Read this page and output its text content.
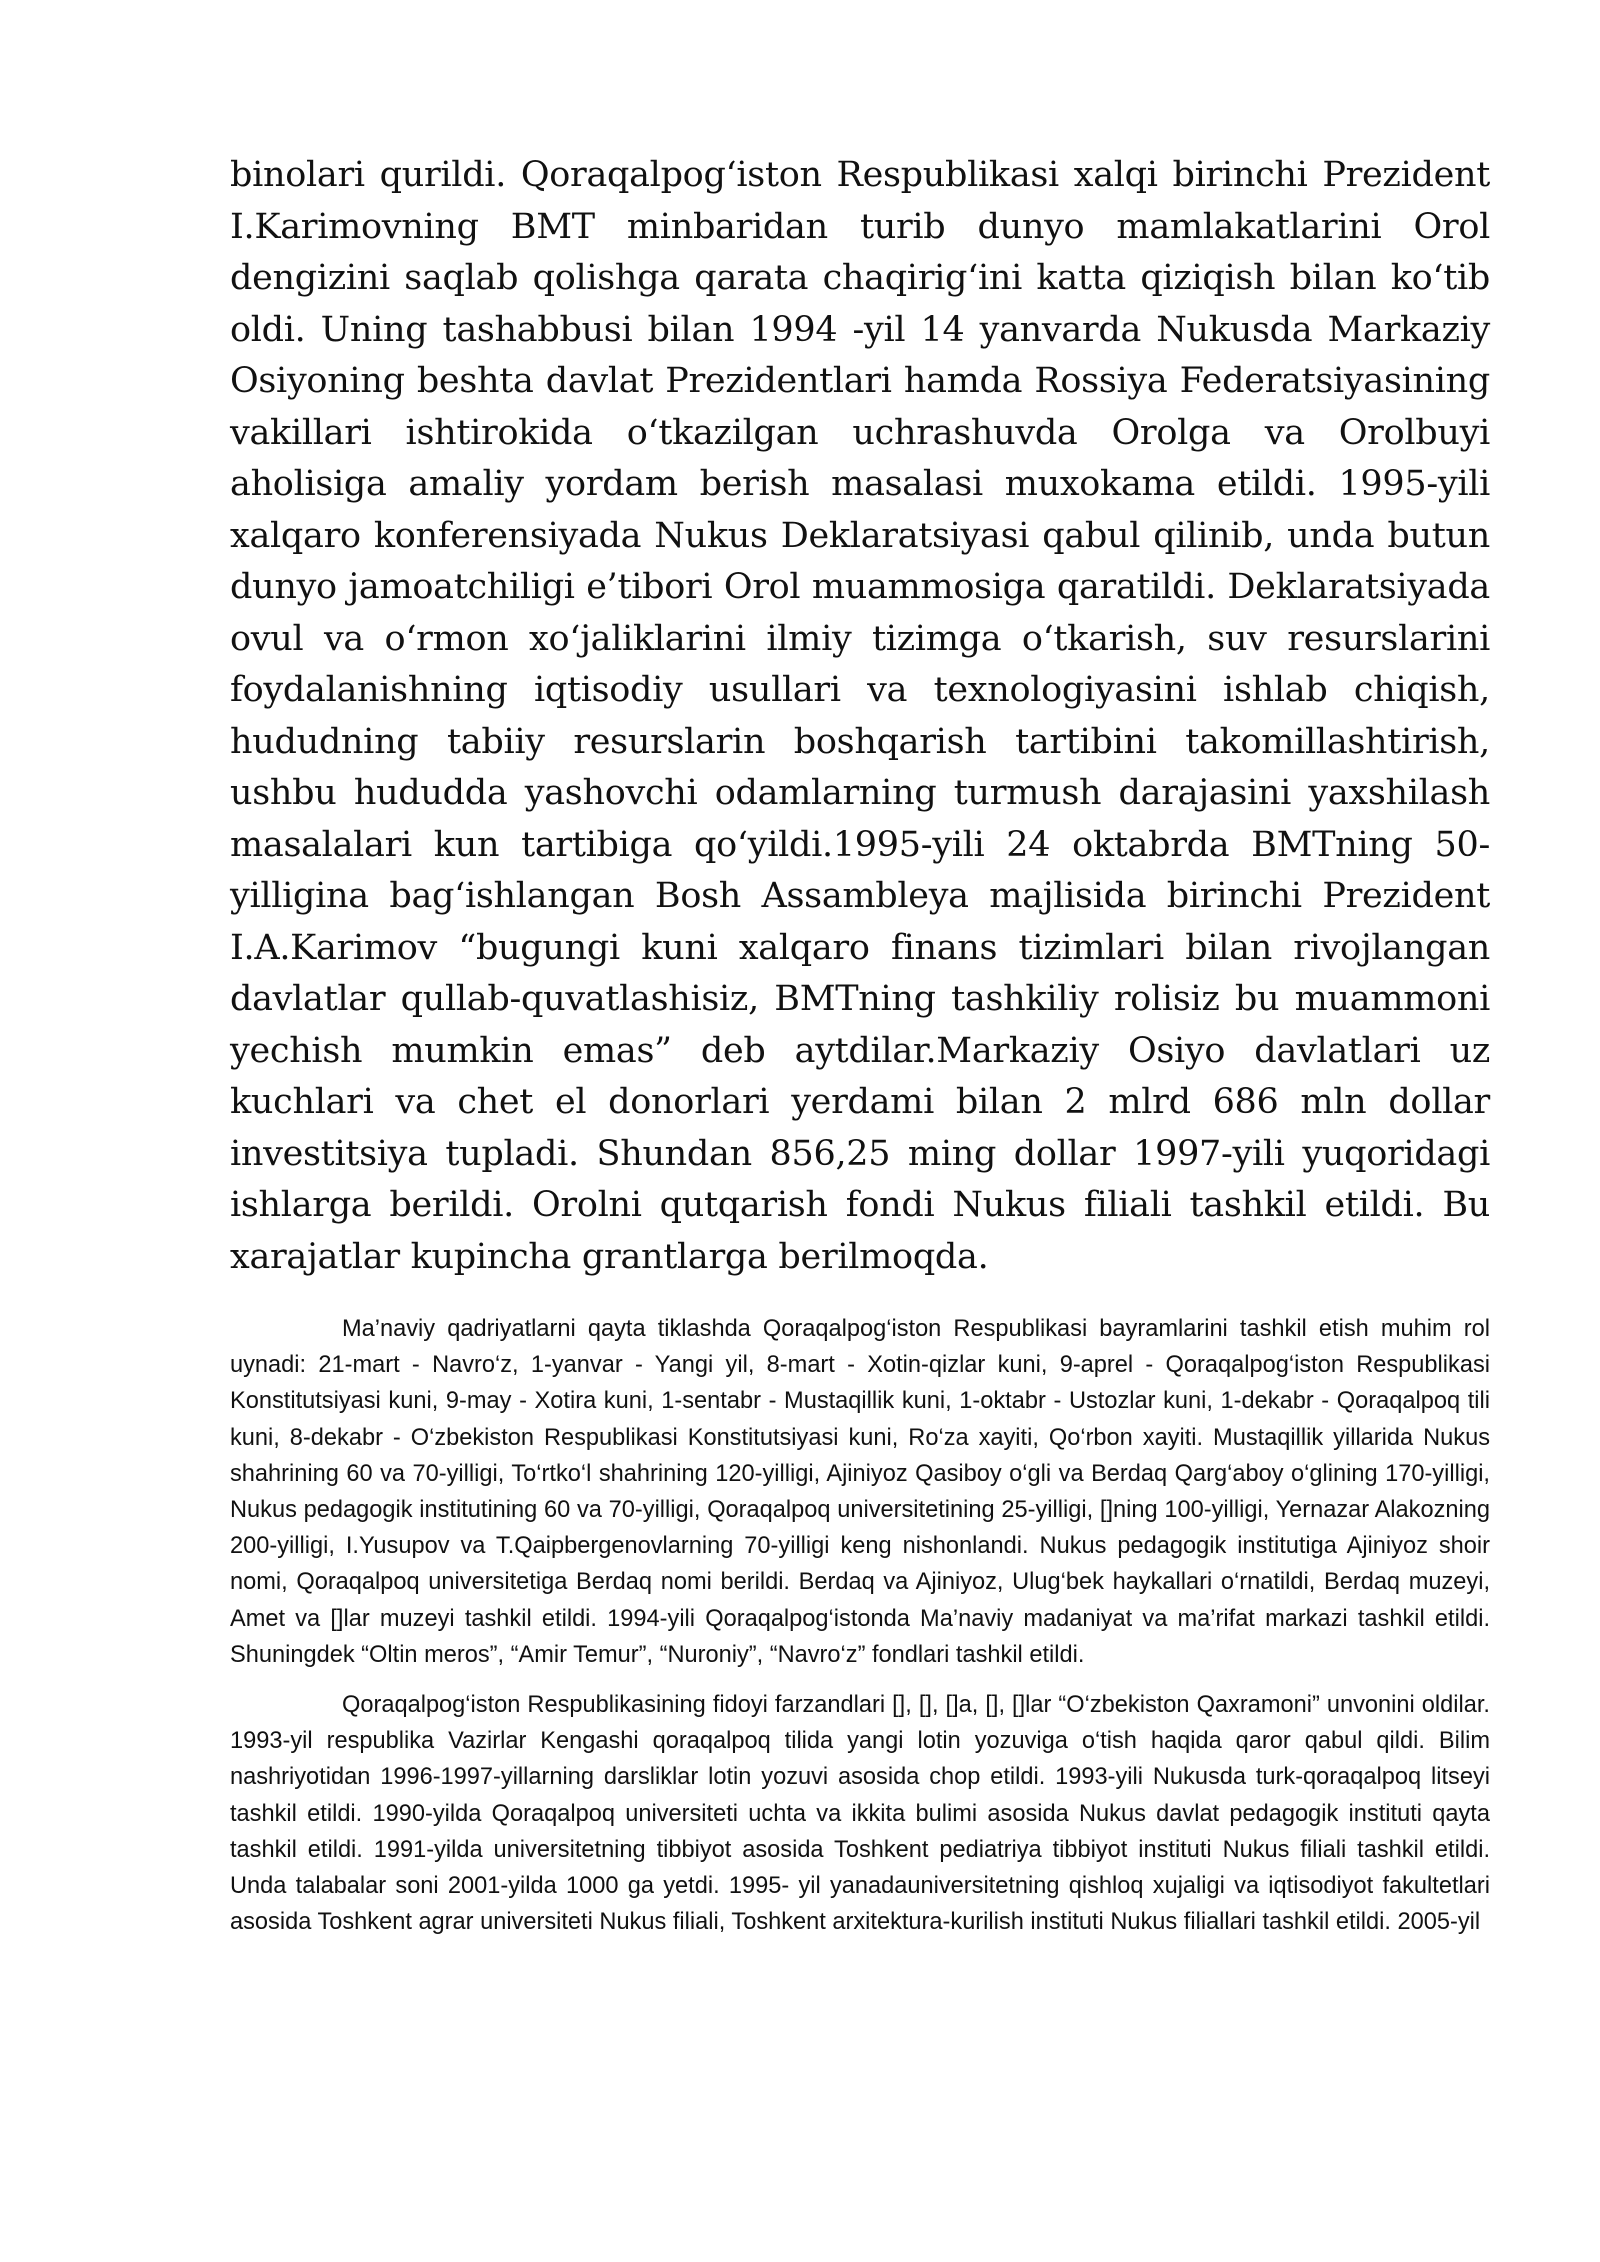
binolari qurildi. Qoraqalpog‘iston Respublikasi xalqi birinchi Prezident I.Karimovning BMT minbaridan turib dunyo mamlakatlarini Orol dengizini saqlab qolishga qarata chaqirig‘ini katta qiziqish bilan ko‘tib oldi. Uning tashabbusi bilan 1994 -yil 14 yanvarda Nukusda Markaziy Osiyoning beshta davlat Prezidentlari hamda Rossiya Federatsiyasining vakillari ishtirokida o‘tkazilgan uchrashuvda Orolga va Orolbuyi aholisiga amaliy yordam berish masalasi muxokama etildi. 1995-yili xalqaro konferensiyada Nukus Deklaratsiyasi qabul qilinib, unda butun dunyo jamoatchiligi e’tibori Orol muammosiga qaratildi. Deklaratsiyada ovul va o‘rmon xo‘jaliklarini ilmiy tizimga o‘tkarish, suv resurslarini foydalanishning iqtisodiy usullari va texnologiyasini ishlab chiqish, hududning tabiiy resurslarin boshqarish tartibini takomillashtirish, ushbu hududda yashovchi odamlarning turmush darajasini yaxshilash masalalari kun tartibiga qo‘yildi.1995-yili 24 oktabrda BMTning 50- yilligina bag‘ishlangan Bosh Assambleya majlisida birinchi Prezident I.A.Karimov “bugungi kuni xalqaro finans tizimlari bilan rivojlangan davlatlar qullab-quvatlashisiz, BMTning tashkiliy rolisiz bu muammoni yechish mumkin emas” deb aytdilar.Markaziy Osiyo davlatlari uz kuchlari va chet el donorlari yerdami bilan 2 mlrd 686 mln dollar investitsiya tupladi. Shundan 856,25 ming dollar 1997-yili yuqoridagi ishlarga berildi. Orolni qutqarish fondi Nukus filiali tashkil etildi. Bu xarajatlar kupincha grantlarga berilmoqda.

Ma’naviy qadriyatlarni qayta tiklashda Qoraqalpog‘iston Respublikasi bayramlarini tashkil etish muhim rol uynadi: 21-mart - Navro‘z, 1-yanvar - Yangi yil, 8-mart - Xotin-qizlar kuni, 9-aprel - Qoraqalpog‘iston Respublikasi Konstitutsiyasi kuni, 9-may - Xotira kuni, 1-sentabr - Mustaqillik kuni, 1-oktabr - Ustozlar kuni, 1-dekabr - Qoraqalpoq tili kuni, 8-dekabr - O‘zbekiston Respublikasi Konstitutsiyasi kuni, Ro‘za xayiti, Qo‘rbon xayiti. Mustaqillik yillarida Nukus shahrining 60 va 70-yilligi, To‘rtko‘l shahrining 120-yilligi, Ajiniyoz Qasiboy o‘gli va Berdaq Qarg‘aboy o‘glining 170-yilligi, Nukus pedagogik institutining 60 va 70-yilligi, Qoraqalpoq universitetining 25-yilligi, []ning 100-yilligi, Yernazar Alakozning 200-yilligi, I.Yusupov va T.Qaipbergenovlarning 70-yilligi keng nishonlandi. Nukus pedagogik institutiga Ajiniyoz shoir nomi, Qoraqalpoq universitetiga Berdaq nomi berildi. Berdaq va Ajiniyoz, Ulug‘bek haykallari o‘rnatildi, Berdaq muzeyi, Amet va []lar muzeyi tashkil etildi. 1994-yili Qoraqalpog‘istonda Ma’naviy madaniyat va ma’rifat markazi tashkil etildi. Shuningdek “Oltin meros”, “Amir Temur”, “Nuroniy”, “Navro‘z” fondlari tashkil etildi.

Qoraqalpog‘iston Respublikasining fidoyi farzandlari [], [], []a, [], []lar “O‘zbekiston Qaxramoni” unvonini oldilar. 1993-yil respublika Vazirlar Kengashi qoraqalpoq tilida yangi lotin yozuviga o‘tish haqida qaror qabul qildi. Bilim nashriyotidan 1996-1997-yillarning darsliklar lotin yozuvi asosida chop etildi. 1993-yili Nukusda turk-qoraqalpoq litseyi tashkil etildi. 1990-yilda Qoraqalpoq universiteti uchta va ikkita bulimi asosida Nukus davlat pedagogik instituti qayta tashkil etildi. 1991-yilda universitetning tibbiyot asosida Toshkent pediatriya tibbiyot instituti Nukus filiali tashkil etildi. Unda talabalar soni 2001-yilda 1000 ga yetdi. 1995- yil yanadauniversitetning qishloq xujaligi va iqtisodiyot fakultetlari asosida Toshkent agrar universiteti Nukus filiali, Toshkent arxitektura-kurilish instituti Nukus filiallari tashkil etildi. 2005-yil
